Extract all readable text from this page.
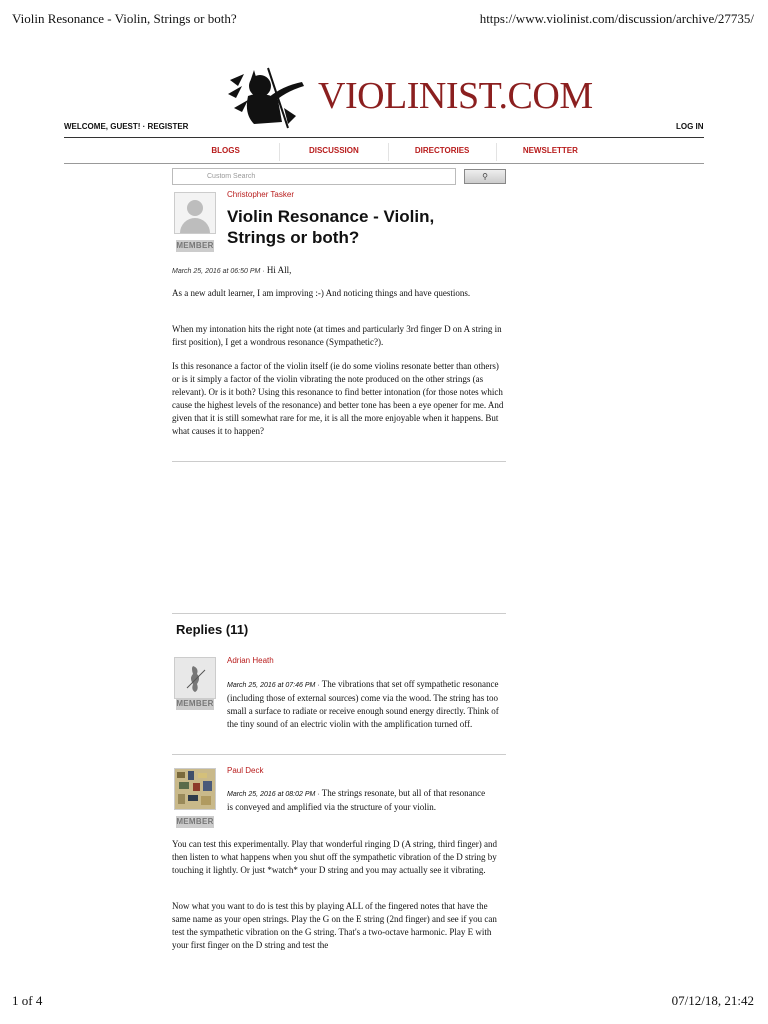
Violin Resonance - Violin, Strings or both?	https://www.violinist.com/discussion/archive/27735/
VIOLINIST.COM
WELCOME, GUEST! · REGISTER	LOG IN
BLOGS	DISCUSSION	DIRECTORIES	NEWSLETTER
Custom Search	⚲
MEMBER
Christopher Tasker
Violin Resonance - Violin, Strings or both?
March 25, 2016 at 06:50 PM · Hi All,
As a new adult learner, I am improving :-) And noticing things and have questions.
When my intonation hits the right note (at times and particularly 3rd finger D on A string in first position), I get a wondrous resonance (Sympathetic?).
Is this resonance a factor of the violin itself (ie do some violins resonate better than others) or is it simply a factor of the violin vibrating the note produced on the other strings (as relevant). Or is it both? Using this resonance to find better intonation (for those notes which cause the highest levels of the resonance) and better tone has been a eye opener for me. And given that it is still somewhat rare for me, it is all the more enjoyable when it happens. But what causes it to happen?
Replies (11)
MEMBER
Adrian Heath
March 25, 2016 at 07:46 PM · The vibrations that set off sympathetic resonance (including those of external sources) come via the wood. The string has too small a surface to radiate or receive enough sound energy directly. Think of the tiny sound of an electric violin with the amplification turned off.
MEMBER
Paul Deck
March 25, 2016 at 08:02 PM · The strings resonate, but all of that resonance is conveyed and amplified via the structure of your violin.
You can test this experimentally. Play that wonderful ringing D (A string, third finger) and then listen to what happens when you shut off the sympathetic vibration of the D string by touching it lightly. Or just *watch* your D string and you may actually see it vibrating.
Now what you want to do is test this by playing ALL of the fingered notes that have the same name as your open strings. Play the G on the E string (2nd finger) and see if you can test the sympathetic vibration on the G string. That's a two-octave harmonic. Play E with your first finger on the D string and test the
1 of 4	07/12/18, 21:42
